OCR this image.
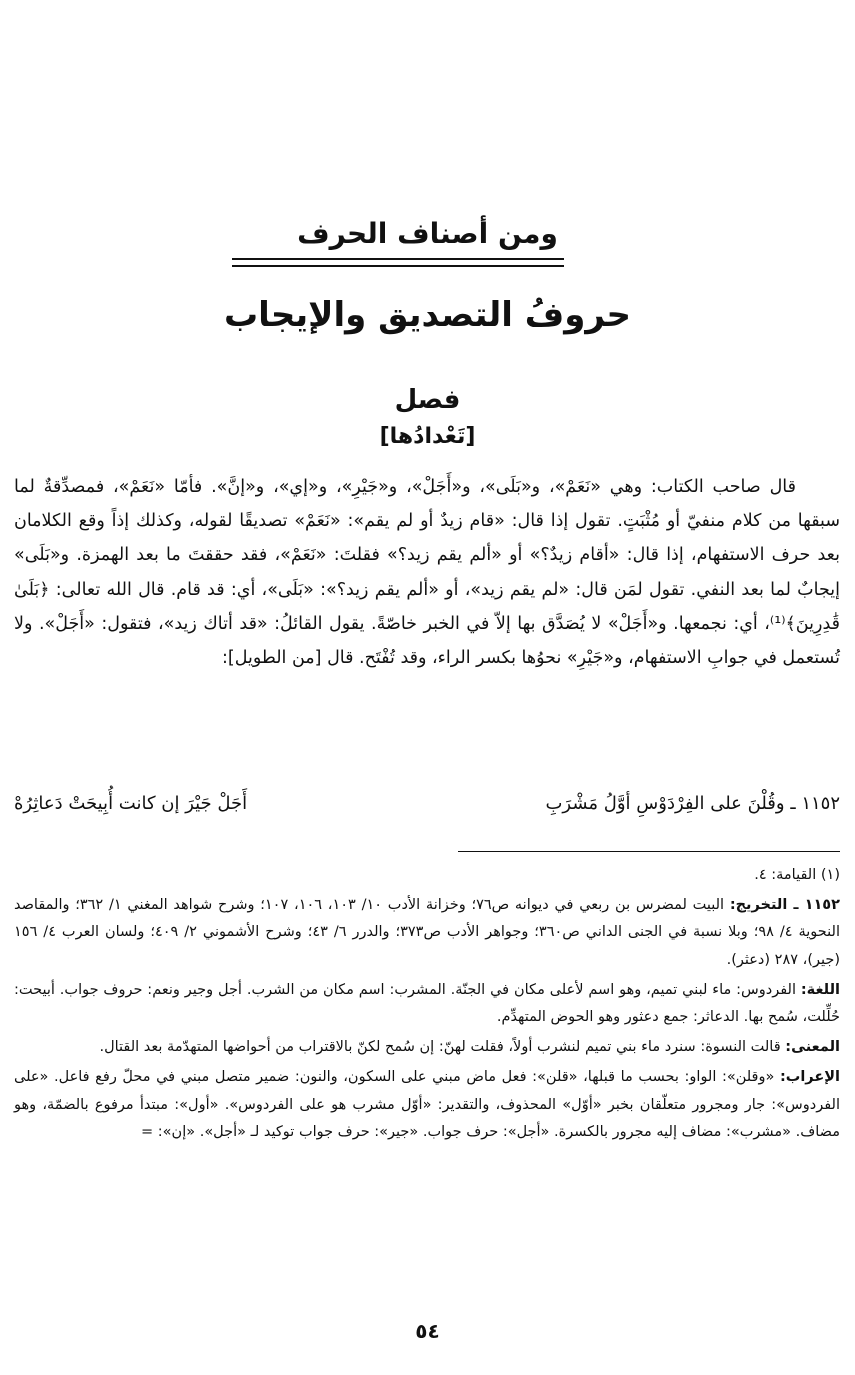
ومن أصناف الحرف
حروفُ التصديق والإيجاب
فصل
[تَعْدادُها]

قال صاحب الكتاب: وهي «نَعَمْ»، و«بَلَى»، و«أَجَلْ»، و«جَيْرِ»، و«إي»، و«إنَّ». فأمّا «نَعَمْ»، فمصدِّقةٌ لما سبقها من كلام منفيّ أو مُثْبَتٍ. تقول إذا قال: «قام زيدٌ أو لم يقم»: «نَعَمْ» تصديقًا لقوله، وكذلك إذاً وقع الكلامان بعد حرف الاستفهام، إذا قال: «أقام زيدٌ؟» أو «ألم يقم زيد؟» فقلتَ: «نَعَمْ»، فقد حققتَ ما بعد الهمزة. و«بَلَى» إيجابٌ لما بعد النفي. تقول لمَن قال: «لم يقم زيد»، أو «ألم يقم زيد؟»: «بَلَى»، أي: قد قام. قال الله تعالى: ﴿بَلَىٰ قَٰدِرِينَ﴾⁽¹⁾، أي: نجمعها. و«أَجَلْ» لا يُصَدَّق بها إلاّ في الخبر خاصّةً. يقول القائلُ: «قد أتاك زيد»، فتقول: «أَجَلْ». ولا تُستعمل في جوابِ الاستفهام، و«جَيْرِ» نحوُها بكسر الراء، وقد تُفْتَح. قال [من الطويل]:

١١٥٢ ـ وقُلْنَ على الفِرْدَوْسِ أوَّلُ مَشْرَبِ
أَجَلْ جَيْرَ إن كانت أُبِيحَتْ دَعاثِرُهْ

(١) القيامة: ٤.

١١٥٢ ـ التخريج: البيت لمضرس بن ربعي في ديوانه ص٧٦؛ وخزانة الأدب ١٠/ ١٠٣، ١٠٦، ١٠٧؛ وشرح شواهد المغني ١/ ٣٦٢؛ والمقاصد النحوية ٤/ ٩٨؛ وبلا نسبة في الجنى الداني ص٣٦٠؛ وجواهر الأدب ص٣٧٣؛ والدرر ٦/ ٤٣؛ وشرح الأشموني ٢/ ٤٠٩؛ ولسان العرب ٤/ ١٥٦ (جير)، ٢٨٧ (دعثر).

اللغة: الفردوس: ماء لبني تميم، وهو اسم لأعلى مكان في الجنّة. المشرب: اسم مكان من الشرب. أجل وجير ونعم: حروف جواب. أبيحت: حُلِّلت، سُمح بها. الدعاثر: جمع دعثور وهو الحوض المتهدِّم.

المعنى: قالت النسوة: سنرد ماء بني تميم لنشرب أولاً، فقلت لهنّ: إن سُمح لكنّ بالاقتراب من أحواضها المتهدّمة بعد القتال.

الإعراب: «وقلن»: الواو: بحسب ما قبلها، «قلن»: فعل ماض مبني على السكون، والنون: ضمير متصل مبني في محلّ رفع فاعل. «على الفردوس»: جار ومجرور متعلّقان بخبر «أوّل» المحذوف، والتقدير: «أوّل مشرب هو على الفردوس». «أول»: مبتدأ مرفوع بالضمّة، وهو مضاف. «مشرب»: مضاف إليه مجرور بالكسرة. «أجل»: حرف جواب. «جير»: حرف جواب توكيد لـ «أجل». «إن»: =

٥٤
